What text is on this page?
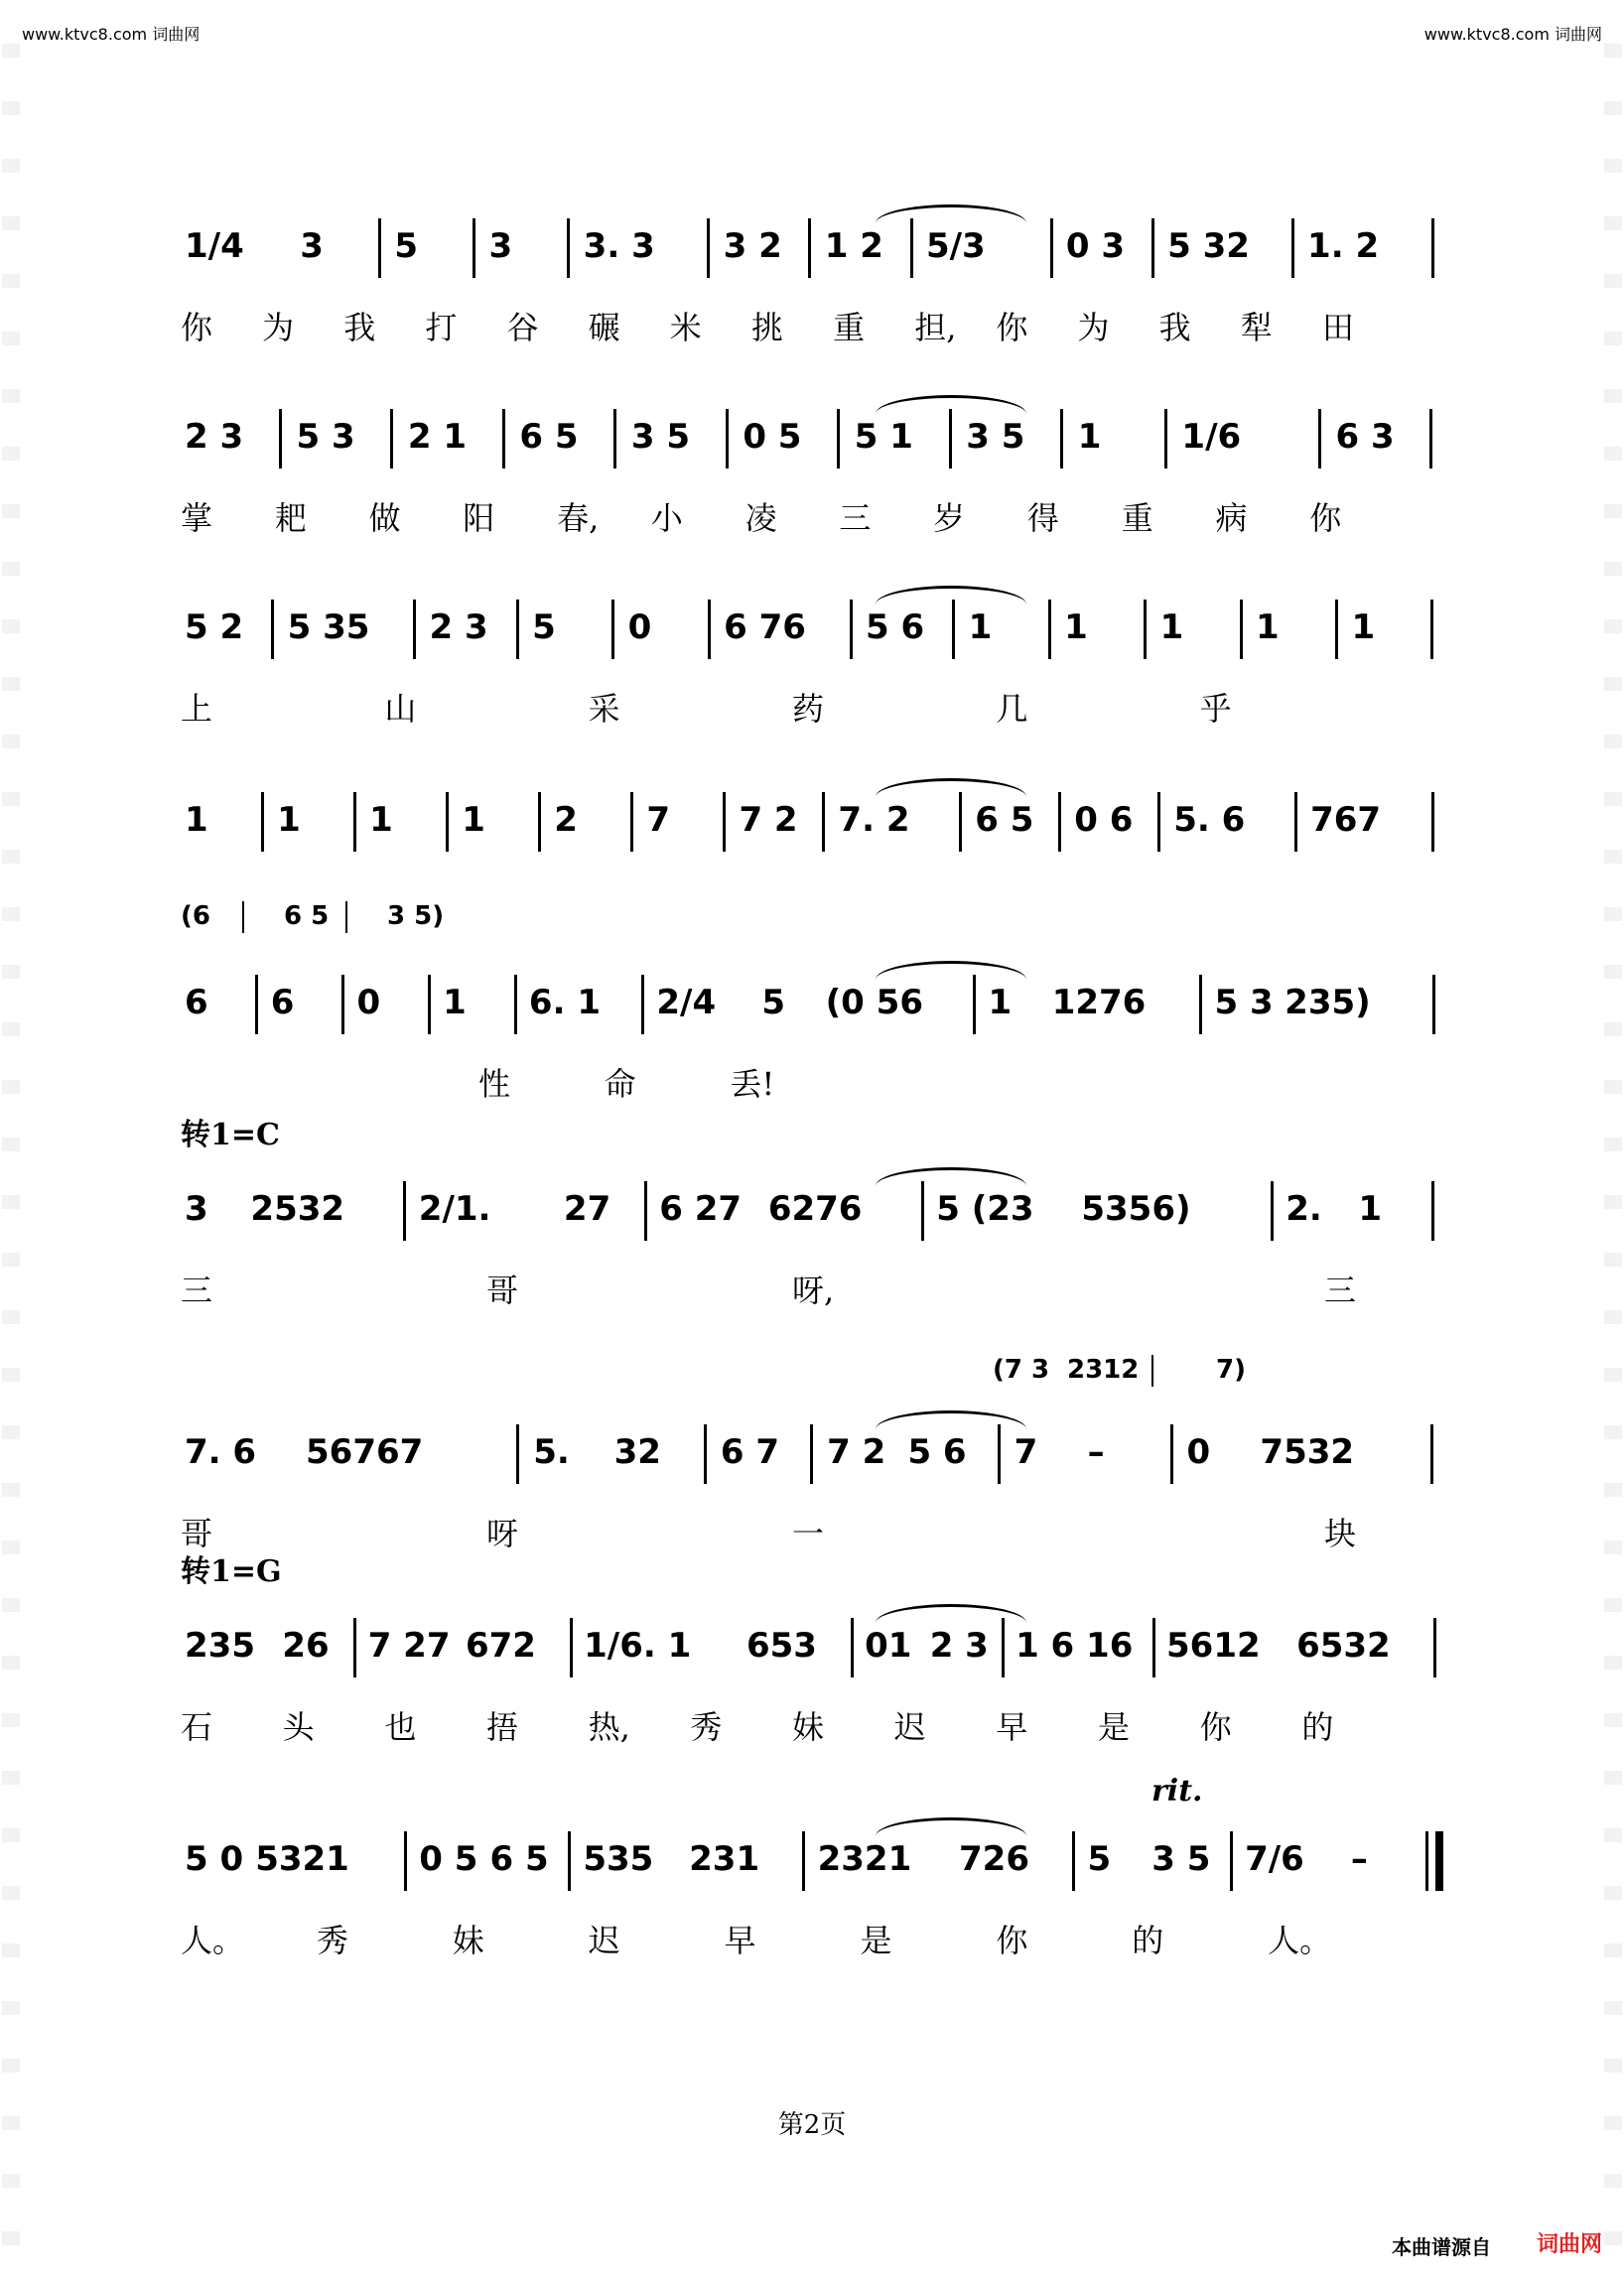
www.ktvc8.com 词曲网	www.ktvc8.com 词曲网
1/4 3 5 3 3. 3 3 2 1 2 5/3 0 3 5 32 1. 2
你 为 我 打 谷 碾 米 挑 重 担, 你 为 我 犁 田
2 3 5 3 2 1 6 5 3 5 0 5 5 1 3 5 1 1/6	6 3
掌 耙 做 阳 春, 小 凌 三 岁 得 重 病 你
5 2 5 35 2 3 5 0 6 76 5 6 1 1 1 1 1
上	山	采	药	几	乎
(6	6 5 3 5)
1 1 1 1 2 7 7 2 7. 2 6 5 0 6 5. 6 767
6 6 0 1 6. 1 2/4 5 (0 56 1 1276 5 3 235)
性	命	丢!
转1=C
3 2532 2/1. 27 6 27 6276 5 (23 5356)	2. 1
三	哥	呀,	三
(7 3 2312	7)
7. 6 56767	5. 32 6 7 7 2 5 6 7 – 0 7532
哥	呀	一	块
转1=G
235 26 7 27 672 1/6. 1 653 01 2 3 1 6 16 5612 6532
石 头 也 捂 热, 秀 妹 迟 早 是 你 的
rit.
5 0 5321 0 5 6 5 535 231 2321 726 5 3 5 7/6 –
人。 秀	妹	迟	早	是	你	的	人。
第2页
本曲谱源自 词曲网
